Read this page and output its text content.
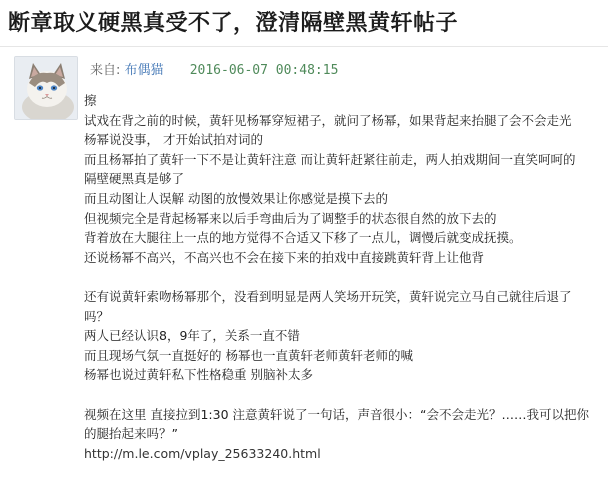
断章取义硬黑真受不了，澄清隔壁黑黄轩帖子
来自: 布偶猫 2016-06-07 00:48:15
擦
试戏在背之前的时候，黄轩见杨幂穿短裙子，就问了杨幂，如果背起来抬腿了会不会走光
杨幂说没事， 才开始试拍对词的
而且杨幂拍了黄轩一下不是让黄轩注意 而让黄轩赶紧往前走，两人拍戏期间一直笑呵呵的
隔壁硬黑真是够了
而且动图让人误解 动图的放慢效果让你感觉是摸下去的
但视频完全是背起杨幂来以后手弯曲后为了调整手的状态很自然的放下去的
背着放在大腿往上一点的地方觉得不合适又下移了一点儿，调慢后就变成抚摸。
还说杨幂不高兴，不高兴也不会在接下来的拍戏中直接跳黄轩背上让他背
还有说黄轩索吻杨幂那个，没看到明显是两人笑场开玩笑，黄轩说完立马自己就往后退了
吗？
两人已经认识8，9年了，关系一直不错
而且现场气氛一直挺好的 杨幂也一直黄轩老师黄轩老师的喊
杨幂也说过黄轩私下性格稳重 别脑补太多
视频在这里 直接拉到1:30 注意黄轩说了一句话，声音很小：“会不会走光？……我可以把你
的腿抬起来吗？”
http://m.le.com/vplay_25633240.html
